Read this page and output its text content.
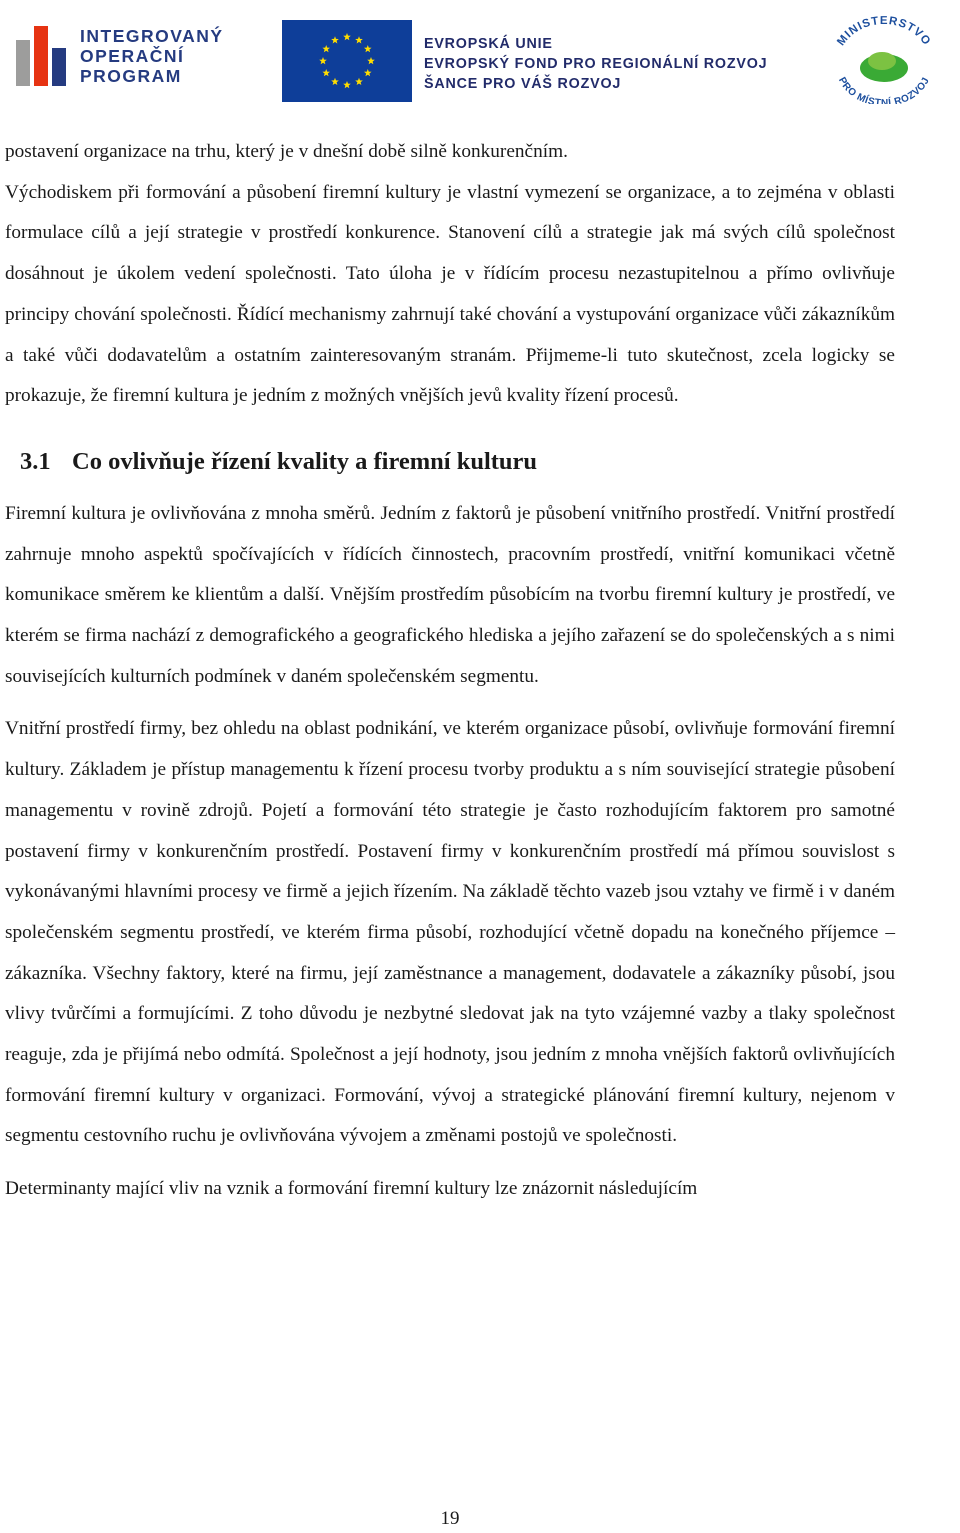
INTEGROVANÝ
OPERAČNÍ
PROGRAM
EVROPSKÁ UNIE
EVROPSKÝ FOND PRO REGIONÁLNÍ ROZVOJ
ŠANCE PRO VÁŠ ROZVOJ
MINISTERSTVO
PRO MÍSTNÍ ROZVOJ

postavení organizace na trhu, který je v dnešní době silně konkurenčním.

Východiskem při formování a působení firemní kultury je vlastní vymezení se organizace, a to zejména v oblasti formulace cílů a její strategie v prostředí konkurence. Stanovení cílů a strategie jak má svých cílů společnost dosáhnout je úkolem vedení společnosti. Tato úloha je v řídícím procesu nezastupitelnou a přímo ovlivňuje principy chování společnosti. Řídící mechanismy zahrnují také chování a vystupování organizace vůči zákazníkům a také vůči dodavatelům a ostatním zainteresovaným stranám. Přijmeme-li tuto skutečnost, zcela logicky se prokazuje, že firemní kultura je jedním z možných vnějších jevů kvality řízení procesů.

3.1 Co ovlivňuje řízení kvality a firemní kulturu

Firemní kultura je ovlivňována z mnoha směrů. Jedním z faktorů je působení vnitřního prostředí. Vnitřní prostředí zahrnuje mnoho aspektů spočívajících v řídících činnostech, pracovním prostředí, vnitřní komunikaci včetně komunikace směrem ke klientům a další. Vnějším prostředím působícím na tvorbu firemní kultury je prostředí, ve kterém se firma nachází z demografického a geografického hlediska a jejího zařazení se do společenských a s nimi souvisejících kulturních podmínek v daném společenském segmentu.

Vnitřní prostředí firmy, bez ohledu na oblast podnikání, ve kterém organizace působí, ovlivňuje formování firemní kultury. Základem je přístup managementu k řízení procesu tvorby produktu a s ním související strategie působení managementu v rovině zdrojů. Pojetí a formování této strategie je často rozhodujícím faktorem pro samotné postavení firmy v konkurenčním prostředí. Postavení firmy v konkurenčním prostředí má přímou souvislost s vykonávanými hlavními procesy ve firmě a jejich řízením. Na základě těchto vazeb jsou vztahy ve firmě i v daném společenském segmentu prostředí, ve kterém firma působí, rozhodující včetně dopadu na konečného příjemce – zákazníka. Všechny faktory, které na firmu, její zaměstnance a management, dodavatele a zákazníky působí, jsou vlivy tvůrčími a formujícími. Z toho důvodu je nezbytné sledovat jak na tyto vzájemné vazby a tlaky společnost reaguje, zda je přijímá nebo odmítá. Společnost a její hodnoty, jsou jedním z mnoha vnějších faktorů ovlivňujících formování firemní kultury v organizaci. Formování, vývoj a strategické plánování firemní kultury, nejenom v segmentu cestovního ruchu je ovlivňována vývojem a změnami postojů ve společnosti.

Determinanty mající vliv na vznik a formování firemní kultury lze znázornit následujícím

19
